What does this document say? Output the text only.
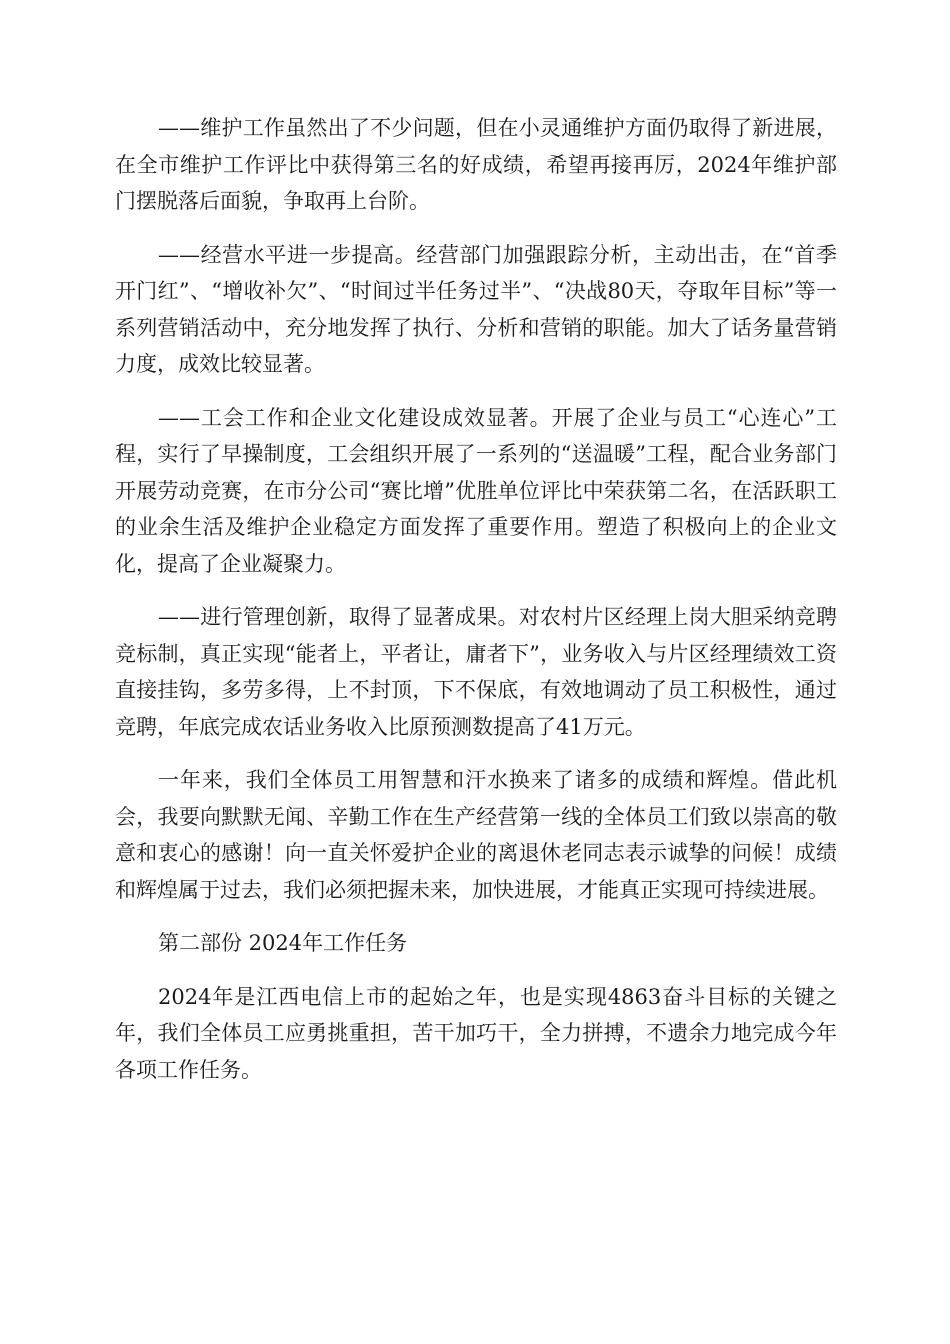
——维护工作虽然出了不少问题，但在小灵通维护方面仍取得了新进展，在全市维护工作评比中获得第三名的好成绩，希望再接再厉，2024年维护部门摆脱落后面貌，争取再上台阶。

——经营水平进一步提高。经营部门加强跟踪分析，主动出击，在“首季开门红”、“增收补欠”、“时间过半任务过半”、“决战80天，夺取年目标”等一系列营销活动中，充分地发挥了执行、分析和营销的职能。加大了话务量营销力度，成效比较显著。

——工会工作和企业文化建设成效显著。开展了企业与员工“心连心”工程，实行了早操制度，工会组织开展了一系列的“送温暖”工程，配合业务部门开展劳动竞赛，在市分公司“赛比增”优胜单位评比中荣获第二名，在活跃职工的业余生活及维护企业稳定方面发挥了重要作用。塑造了积极向上的企业文化，提高了企业凝聚力。

——进行管理创新，取得了显著成果。对农村片区经理上岗大胆采纳竞聘竞标制，真正实现“能者上，平者让，庸者下”，业务收入与片区经理绩效工资直接挂钩，多劳多得，上不封顶，下不保底，有效地调动了员工积极性，通过竞聘，年底完成农话业务收入比原预测数提高了41万元。

一年来，我们全体员工用智慧和汗水换来了诸多的成绩和辉煌。借此机会，我要向默默无闻、辛勤工作在生产经营第一线的全体员工们致以崇高的敬意和衷心的感谢！向一直关怀爱护企业的离退休老同志表示诚挚的问候！成绩和辉煌属于过去，我们必须把握未来，加快进展，才能真正实现可持续进展。

第二部份 2024年工作任务

2024年是江西电信上市的起始之年，也是实现4863奋斗目标的关键之年，我们全体员工应勇挑重担，苦干加巧干，全力拼搏，不遗余力地完成今年各项工作任务。
